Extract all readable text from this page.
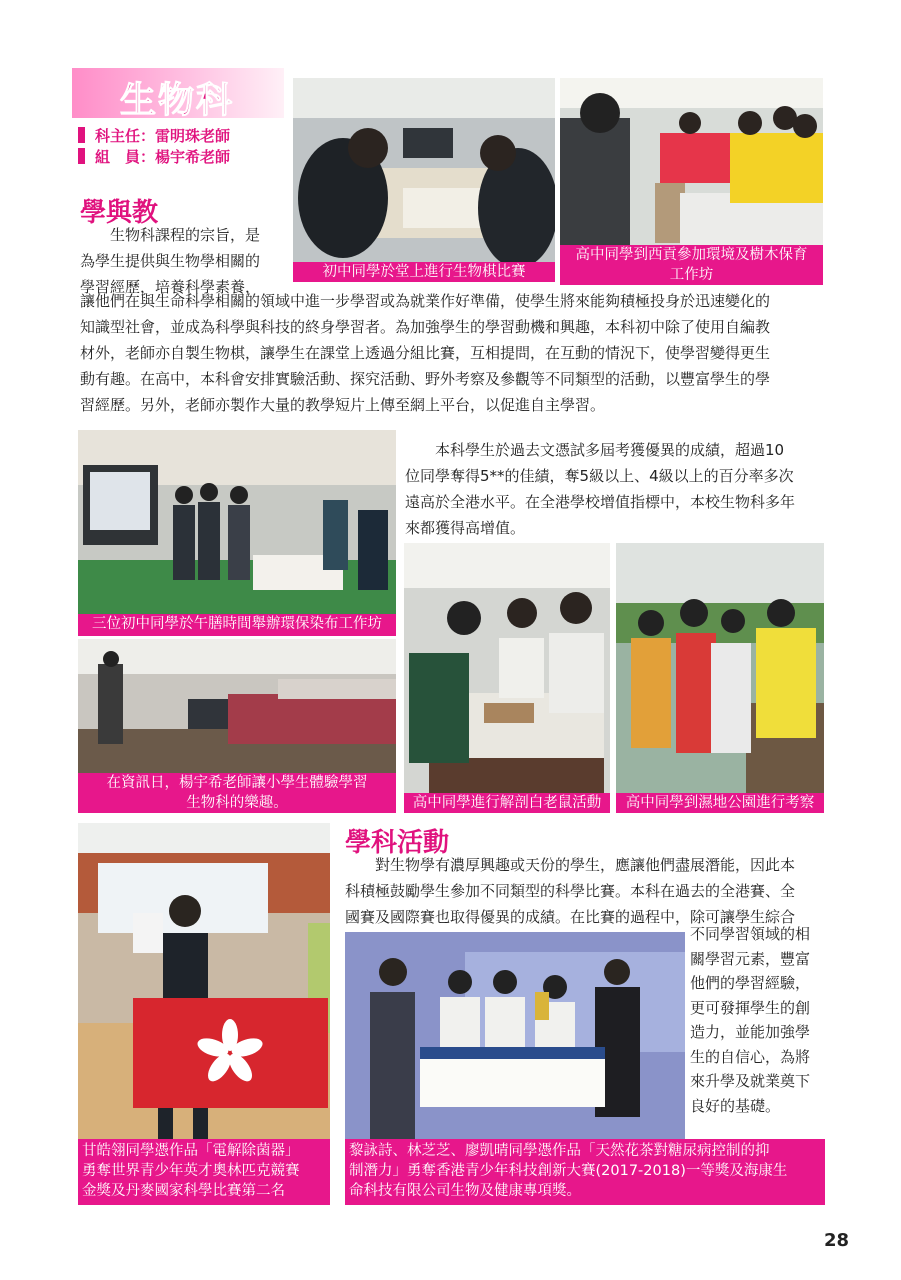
生物科
科主任：雷明珠老師
組　員：楊宇希老師
學與教
生物科課程的宗旨，是
為學生提供與生物學相關的
學習經歷，培養科學素養，
初中同學於堂上進行生物棋比賽
高中同學到西貢參加環境及樹木保育
工作坊
讓他們在與生命科學相關的領域中進一步學習或為就業作好準備，使學生將來能夠積極投身於迅速變化的
知識型社會，並成為科學與科技的終身學習者。為加強學生的學習動機和興趣，本科初中除了使用自編教
材外，老師亦自製生物棋，讓學生在課堂上透過分組比賽，互相提問，在互動的情況下，使學習變得更生
動有趣。在高中，本科會安排實驗活動、探究活動、野外考察及參觀等不同類型的活動，以豐富學生的學
習經歷。另外，老師亦製作大量的教學短片上傳至網上平台，以促進自主學習。
三位初中同學於午膳時間舉辦環保染布工作坊
本科學生於過去文憑試多屆考獲優異的成績，超過10
位同學奪得5**的佳績，奪5級以上、4級以上的百分率多次
遠高於全港水平。在全港學校增值指標中，本校生物科多年
來都獲得高增值。
在資訊日，楊宇希老師讓小學生體驗學習
生物科的樂趣。	高中同學進行解剖白老鼠活動	高中同學到濕地公園進行考察
甘皓翎同學憑作品「電解除菌器」
勇奪世界青少年英才奧林匹克競賽
金獎及丹麥國家科學比賽第二名
學科活動
對生物學有濃厚興趣或天份的學生，應讓他們盡展潛能，因此本
科積極鼓勵學生參加不同類型的科學比賽。本科在過去的全港賽、全
國賽及國際賽也取得優異的成績。在比賽的過程中，除可讓學生綜合
不同學習領域的相
關學習元素，豐富
他們的學習經驗，
更可發揮學生的創
造力，並能加強學
生的自信心，為將
來升學及就業奠下
良好的基礎。
黎詠詩、林芝芝、廖凱晴同學憑作品「天然花茶對糖尿病控制的抑
制潛力」勇奪香港青少年科技創新大賽(2017-2018)一等獎及海康生
命科技有限公司生物及健康專項獎。
28
